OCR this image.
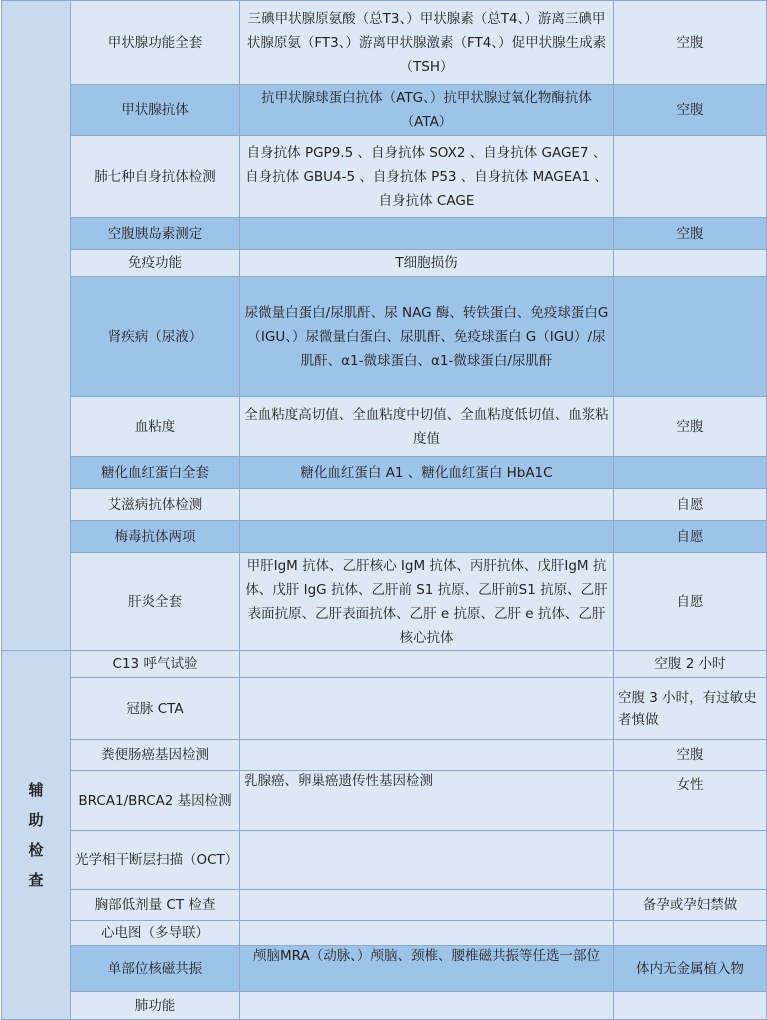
	甲状腺功能全套	三碘甲状腺原氨酸（总T3、）甲状腺素（总T4、）游离三碘甲状腺原氨（FT3、）游离甲状腺激素（FT4、）促甲状腺生成素（TSH）	空腹
	甲状腺抗体	抗甲状腺球蛋白抗体（ATG、）抗甲状腺过氧化物酶抗体（ATA）	空腹
	肺七种自身抗体检测	自身抗体 PGP9.5 、自身抗体 SOX2 、自身抗体 GAGE7 、自身抗体 GBU4-5 、自身抗体 P53 、自身抗体 MAGEA1 、自身抗体 CAGE	
	空腹胰岛素测定		空腹
	免疫功能	T细胞损伤	
	肾疾病（尿液）	尿微量白蛋白/尿肌酐、尿 NAG 酶、转铁蛋白、免疫球蛋白G（IGU、）尿微量白蛋白、尿肌酐、免疫球蛋白 G（IGU）/尿肌酐、α1-微球蛋白、α1-微球蛋白/尿肌酐	
	血粘度	全血粘度高切值、全血粘度中切值、全血粘度低切值、血浆粘度值	空腹
	糖化血红蛋白全套	糖化血红蛋白 A1 、糖化血红蛋白 HbA1C	
	艾滋病抗体检测		自愿
	梅毒抗体两项		自愿
	肝炎全套	甲肝IgM 抗体、乙肝核心 IgM 抗体、丙肝抗体、戊肝IgM 抗体、戊肝 IgG 抗体、乙肝前 S1 抗原、乙肝前S1 抗原、乙肝表面抗原、乙肝表面抗体、乙肝 e 抗原、乙肝 e 抗体、乙肝核心抗体	自愿

辅
助
检
查	C13 呼气试验		空腹 2 小时
	冠脉 CTA		空腹 3 小时，有过敏史者慎做
	粪便肠癌基因检测		空腹
	BRCA1/BRCA2 基因检测	乳腺癌、卵巢癌遗传性基因检测	女性
	光学相干断层扫描（OCT）		
	胸部低剂量 CT 检查		备孕或孕妇禁做
	心电图（多导联）		
	单部位核磁共振	颅脑MRA（动脉、）颅脑、颈椎、腰椎磁共振等任选一部位	体内无金属植入物
	肺功能		
